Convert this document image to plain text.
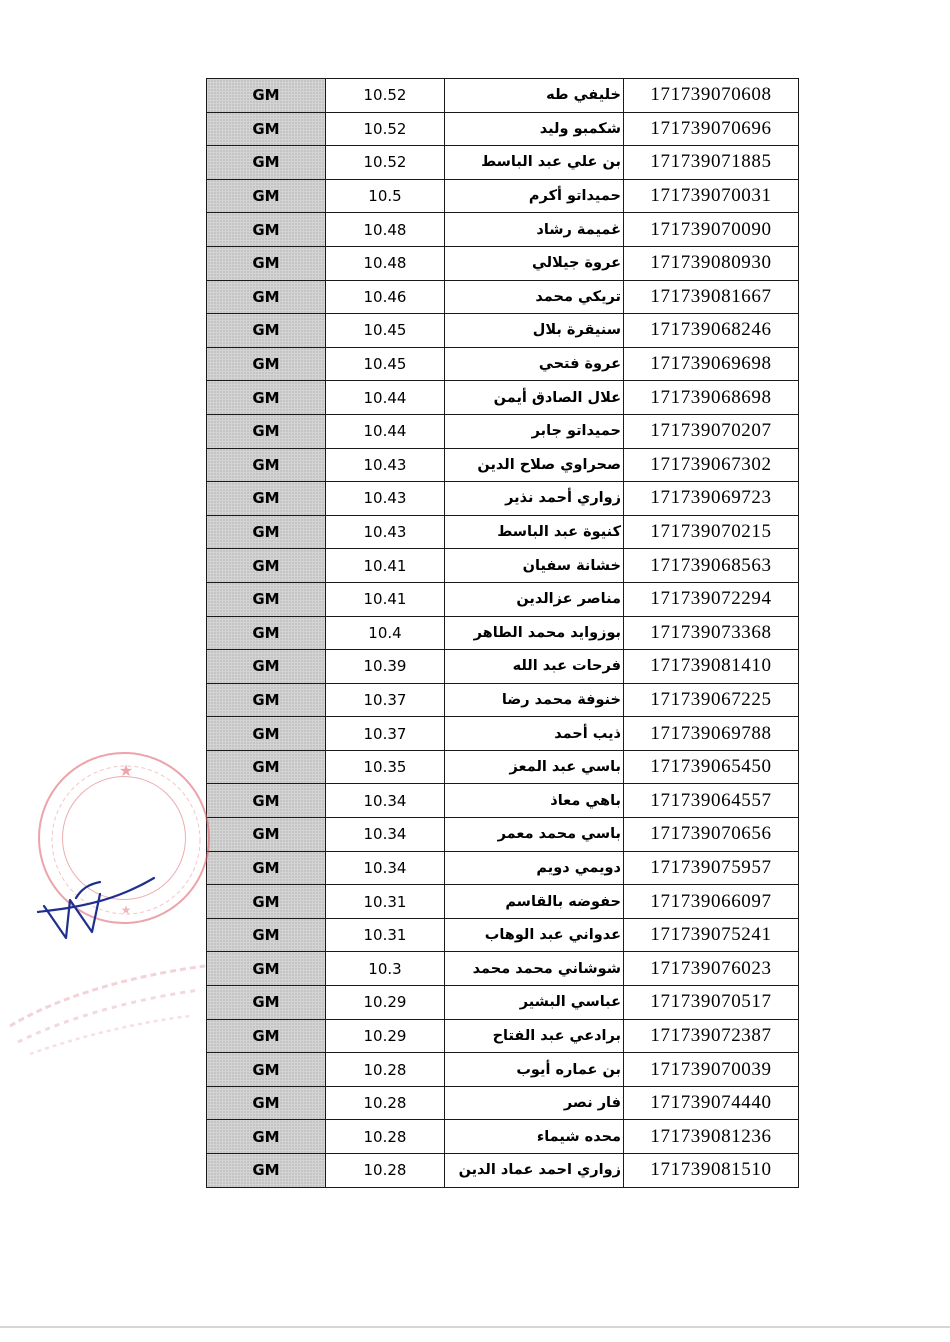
GM	10.52	خليفي طه	171739070608
GM	10.52	شكمبو وليد	171739070696
GM	10.52	بن علي عبد الباسط	171739071885
GM	10.5	حميداتو أكرم	171739070031
GM	10.48	غميمة رشاد	171739070090
GM	10.48	عروة جيلالي	171739080930
GM	10.46	تريكي محمد	171739081667
GM	10.45	سنيقرة بلال	171739068246
GM	10.45	عروة فتحي	171739069698
GM	10.44	علال الصادق أيمن	171739068698
GM	10.44	حميداتو جابر	171739070207
GM	10.43	صحراوي صلاح الدين	171739067302
GM	10.43	زواري أحمد نذير	171739069723
GM	10.43	كنيوة عبد الباسط	171739070215
GM	10.41	خشانة سفيان	171739068563
GM	10.41	مناصر عزالدين	171739072294
GM	10.4	بوزوايد محمد الطاهر	171739073368
GM	10.39	فرحات عبد الله	171739081410
GM	10.37	خنوفة محمد رضا	171739067225
GM	10.37	ذيب أحمد	171739069788
GM	10.35	باسي عبد المعز	171739065450
GM	10.34	باهي معاذ	171739064557
GM	10.34	باسي محمد معمر	171739070656
GM	10.34	دويمي دويم	171739075957
GM	10.31	حفوضه بالقاسم	171739066097
GM	10.31	عدواني عبد الوهاب	171739075241
GM	10.3	شوشاني محمد محمد	171739076023
GM	10.29	عباسي البشير	171739070517
GM	10.29	برادعي عبد الفتاح	171739072387
GM	10.28	بن عماره أيوب	171739070039
GM	10.28	فار نصر	171739074440
GM	10.28	محده شيماء	171739081236
GM	10.28	زواري احمد عماد الدين	171739081510
★
★
